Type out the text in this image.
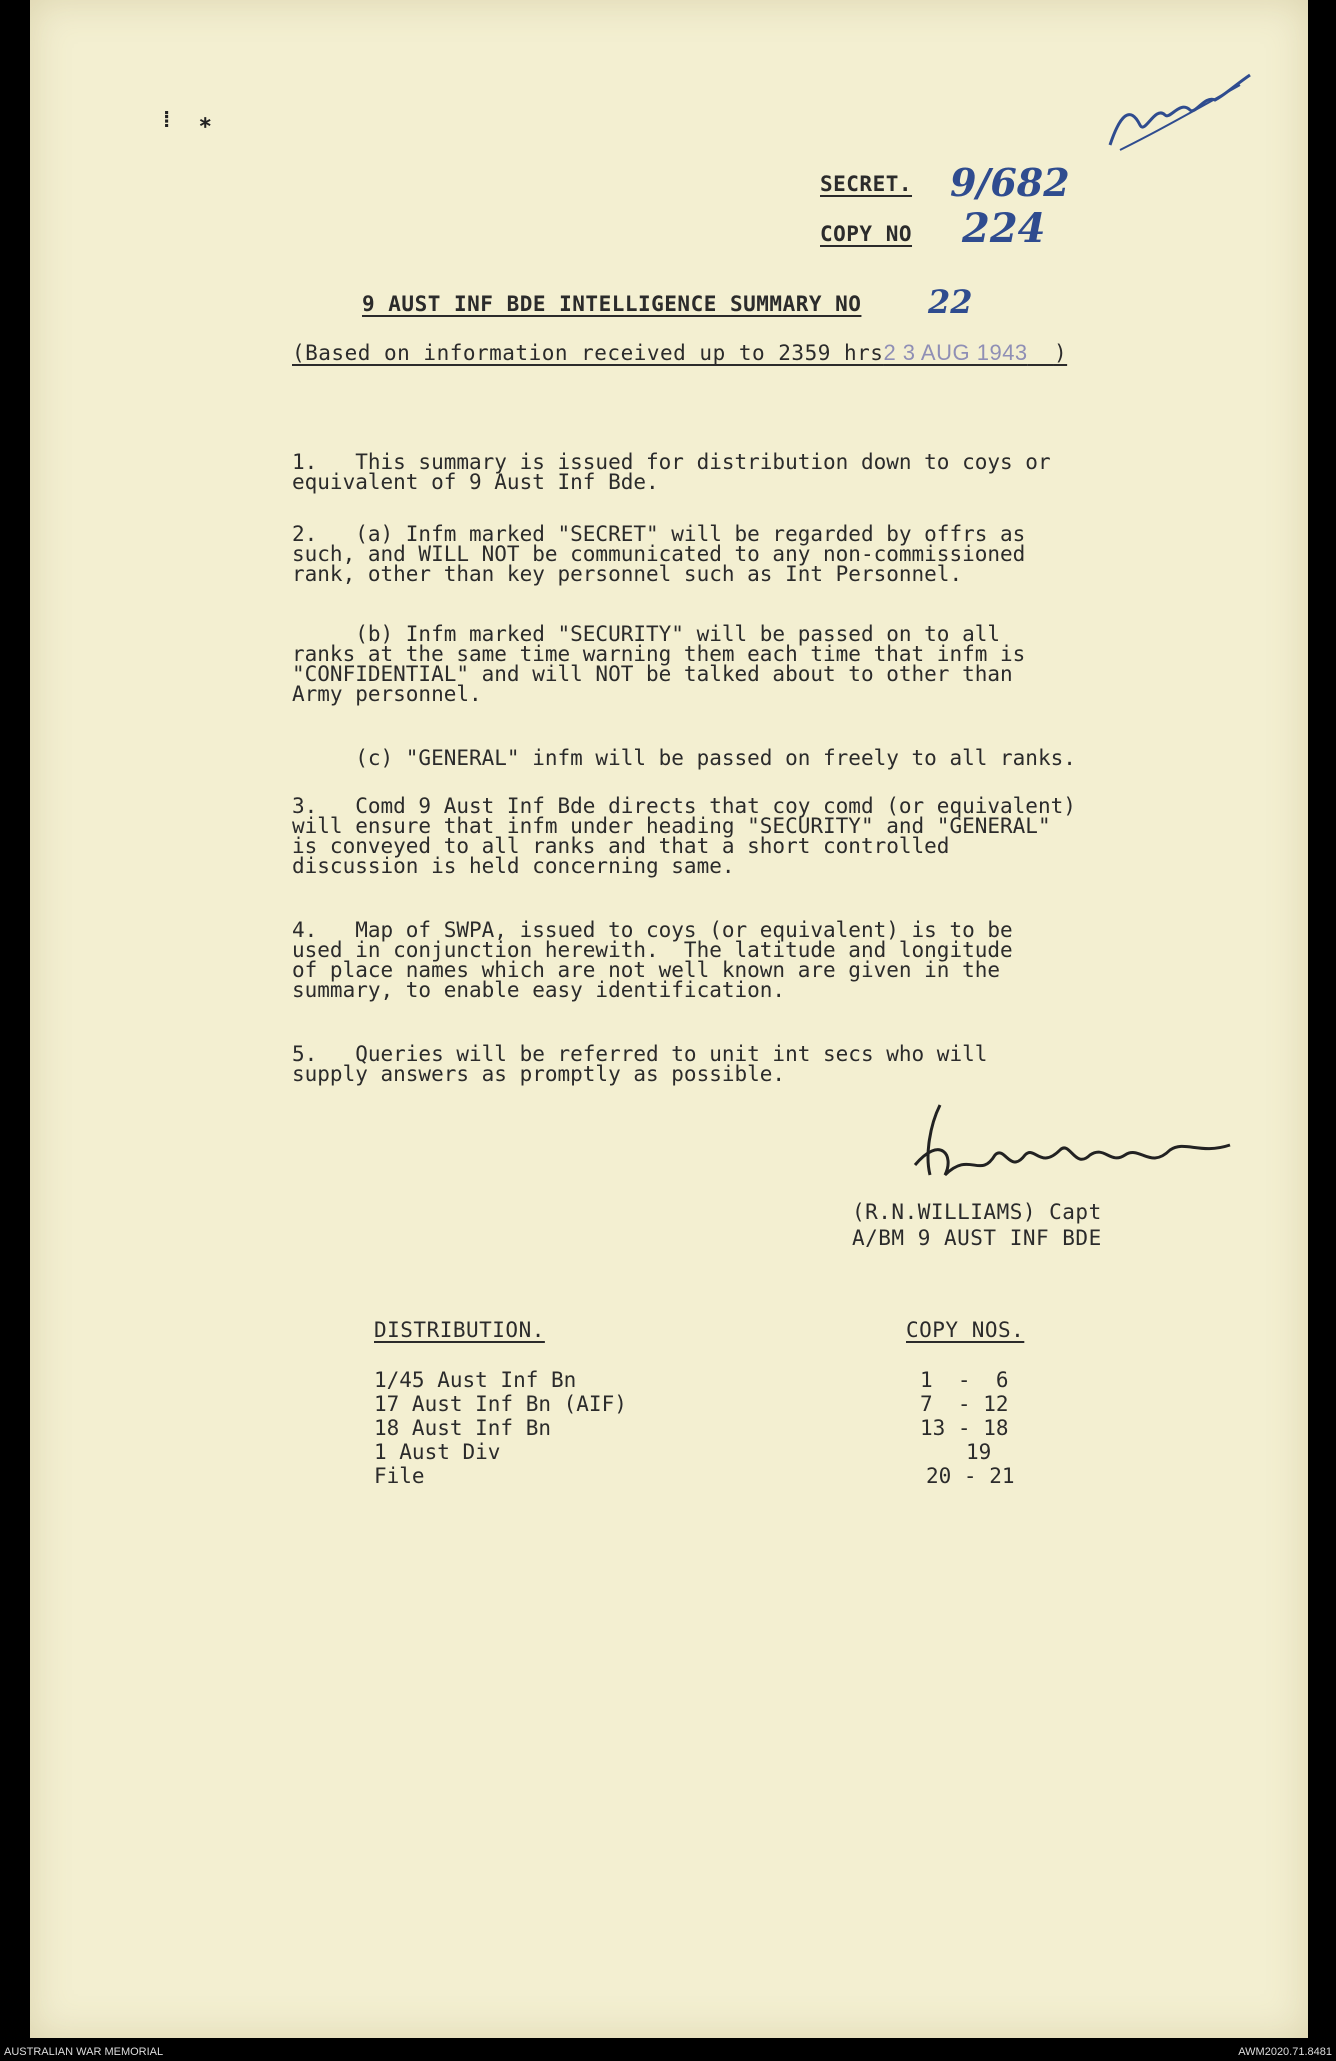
⁞  ⁎
SECRET. 9/682
COPY NO 224
9 AUST INF BDE INTELLIGENCE SUMMARY NO 22
(Based on information received up to 2359 hrs2 3 AUG 1943 )

1.   This summary is issued for distribution down to coys or
equivalent of 9 Aust Inf Bde.

2.   (a) Infm marked "SECRET" will be regarded by offrs as
such, and WILL NOT be communicated to any non-commissioned
rank, other than key personnel such as Int Personnel.

(b) Infm marked "SECURITY" will be passed on to all
ranks at the same time warning them each time that infm is
"CONFIDENTIAL" and will NOT be talked about to other than
Army personnel.

(c) "GENERAL" infm will be passed on freely to all ranks.

3.   Comd 9 Aust Inf Bde directs that coy comd (or equivalent)
will ensure that infm under heading "SECURITY" and "GENERAL"
is conveyed to all ranks and that a short controlled
discussion is held concerning same.

4.   Map of SWPA, issued to coys (or equivalent) is to be
used in conjunction herewith.  The latitude and longitude
of place names which are not well known are given in the
summary, to enable easy identification.

5.   Queries will be referred to unit int secs who will
supply answers as promptly as possible.

(R.N.WILLIAMS) Capt
A/BM 9 AUST INF BDE
DISTRIBUTION.	COPY NOS.
1/45 Aust Inf Bn	1  -  6
17 Aust Inf Bn (AIF)	7  - 12
18 Aust Inf Bn	13 - 18
1 Aust Div	19
File	20 - 21
AUSTRALIAN WAR MEMORIAL	AWM2020.71.8481
